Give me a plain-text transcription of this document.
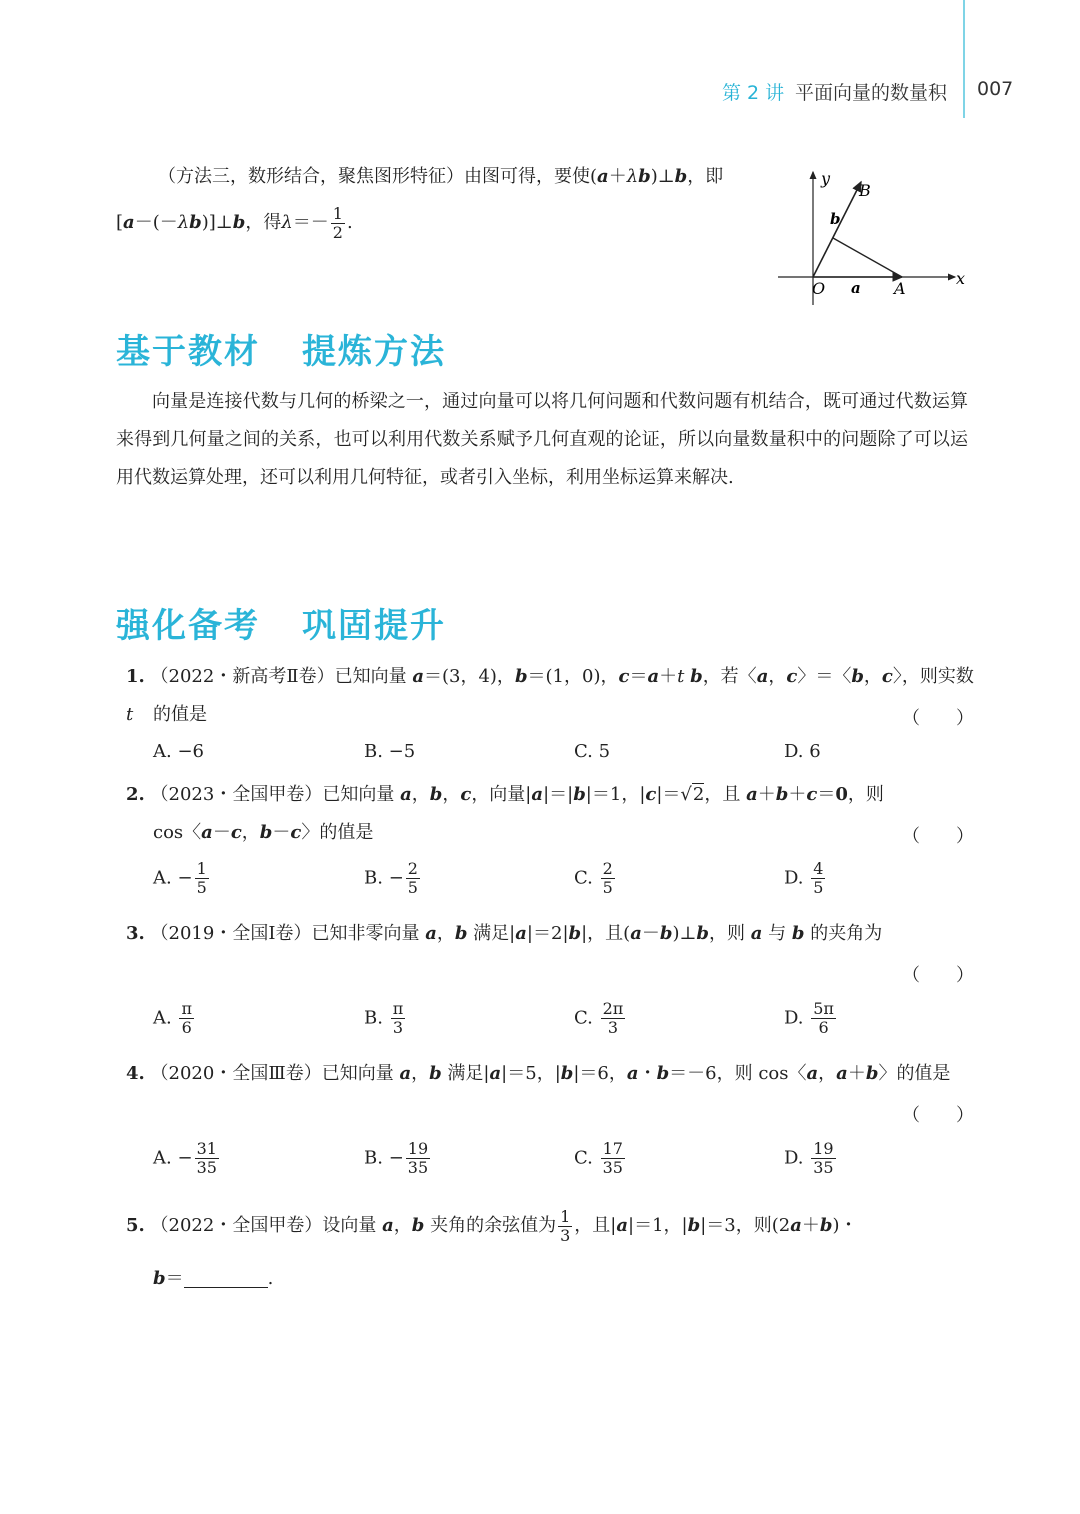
第 2 讲 平面向量的数量积 007
（方法三，数形结合，聚焦图形特征）由图可得，要使(a＋λb)⊥b，即
[a－(－λb)]⊥b，得$\lambda=- \frac{1}{2}$ .
y
x
O	A
B
a
b
基于教材 提炼方法
向量是连接代数与几何的桥梁之一，通过向量可以将几何问题和代数问题有机结合，既可通过代数运算来得到几何量之间的关系，也可以利用代数关系赋予几何直观的论证，所以向量数量积中的问题除了可以运用代数运算处理，还可以利用几何特征，或者引入坐标，利用坐标运算来解决.
强化备考 巩固提升
1. （2022・新高考Ⅱ卷）已知向量 a＝(3，4)，b＝(1，0)，c＝a＋t b，若〈a，c〉＝〈b，c〉，则实数 t	的值是	（　　）
A. −6	B. −5	C. 5	D. 6
2. （2023・全国甲卷）已知向量 a，b，c，向量|a|＝|b|＝1，|c|＝√2，且 a＋b＋c＝0，则
cos〈a－c，b－c〉的值是	（　　）
A. − $\frac{1}{5}$	B. − $\frac{2}{5}$	C. $\frac{2}{5}$	D. $\frac{4}{5}$
3. （2019・全国Ⅰ卷）已知非零向量 a，b 满足|a|＝2|b|，且(a－b)⊥b，则 a 与 b 的夹角为
（　　）
A. $\frac{\pi}{6}$	B. $\frac{\pi}{3}$	C. $\frac{2\pi}{3}$	D. $\frac{5\pi}{6}$
4. （2020・全国Ⅲ卷）已知向量 a，b 满足|a|＝5，|b|＝6，a・b＝－6，则 cos〈a，a＋b〉的值是
（　　）
A. − $\frac{31}{35}$	B. − $\frac{19}{35}$	C. $\frac{17}{35}$	D. $\frac{19}{35}$
5. （2022・全国甲卷）设向量 a，b 夹角的余弦值为 $\frac{1}{3}$ ，且|a|＝1，|b|＝3，则(2a＋b)・
b＝	.
